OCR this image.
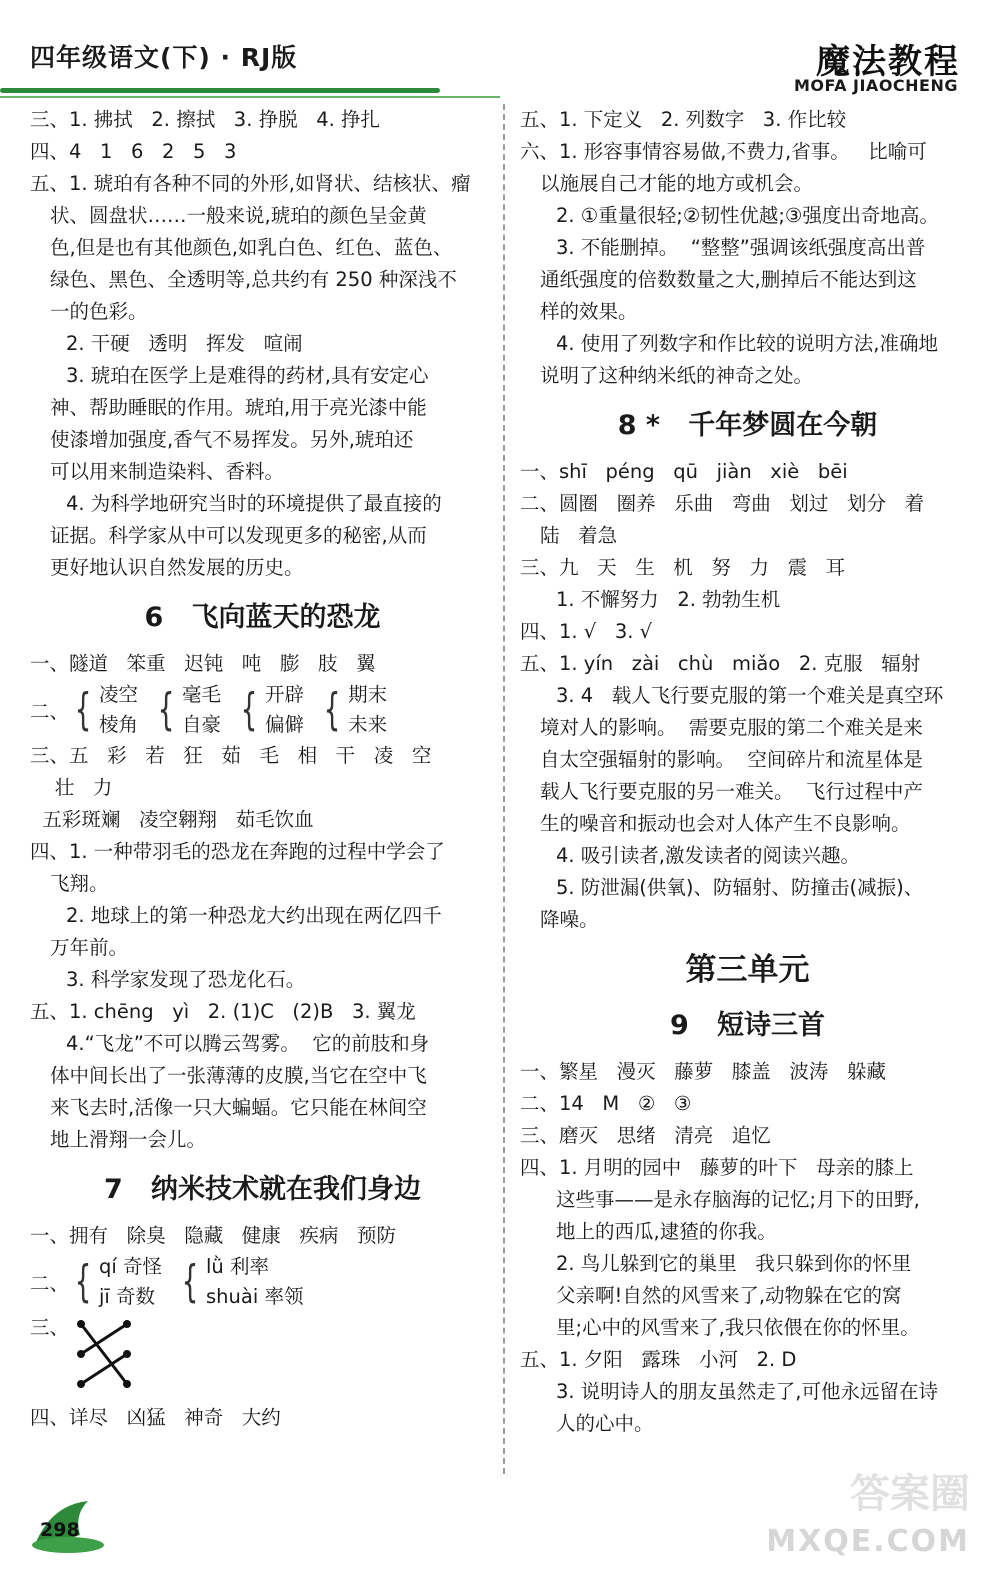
四年级语文(下) · RJ版	魔法教程
MOFA JIAOCHENG
三、1. 拂拭   2. 擦拭   3. 挣脱   4. 挣扎
四、4   1   6   2   5   3
五、1. 琥珀有各种不同的外形,如肾状、结核状、瘤
状、圆盘状……一般来说,琥珀的颜色呈金黄
色,但是也有其他颜色,如乳白色、红色、蓝色、
绿色、黑色、全透明等,总共约有 250 种深浅不
一的色彩。
2. 干硬   透明   挥发   喧闹
3. 琥珀在医学上是难得的药材,具有安定心
神、帮助睡眠的作用。琥珀,用于亮光漆中能
使漆增加强度,香气不易挥发。另外,琥珀还
可以用来制造染料、香料。
4. 为科学地研究当时的环境提供了最直接的
证据。科学家从中可以发现更多的秘密,从而
更好地认识自然发展的历史。
6   飞向蓝天的恐龙
一、隧道   笨重   迟钝   吨   膨   肢   翼
二、 { 凌空
棱角 { 毫毛
自豪 { 开辟
偏僻 { 期末
未来
三、五   彩   若   狂   茹   毛   相   干   凌   空
壮   力
五彩斑斓   凌空翱翔   茹毛饮血
四、1. 一种带羽毛的恐龙在奔跑的过程中学会了
飞翔。
2. 地球上的第一种恐龙大约出现在两亿四千
万年前。
3. 科学家发现了恐龙化石。
五、1. chēng   yì   2. (1)C   (2)B   3. 翼龙
4.“飞龙”不可以腾云驾雾。  它的前肢和身
体中间长出了一张薄薄的皮膜,当它在空中飞
来飞去时,活像一只大蝙蝠。它只能在林间空
地上滑翔一会儿。
7   纳米技术就在我们身边
一、拥有   除臭   隐藏   健康   疾病   预防
二、 { qí 奇怪
jī 奇数 { lǜ 利率
shuài 率领
三、
四、详尽   凶猛   神奇   大约
五、1. 下定义   2. 列数字   3. 作比较
六、1. 形容事情容易做,不费力,省事。   比喻可
以施展自己才能的地方或机会。
2. ①重量很轻;②韧性优越;③强度出奇地高。
3. 不能删掉。  “整整”强调该纸强度高出普
通纸强度的倍数数量之大,删掉后不能达到这
样的效果。
4. 使用了列数字和作比较的说明方法,准确地
说明了这种纳米纸的神奇之处。
8 *   千年梦圆在今朝
一、shī   péng   qū   jiàn   xiè   bēi
二、圆圈   圈养   乐曲   弯曲   划过   划分   着
陆   着急
三、九   天   生   机   努   力   震   耳
1. 不懈努力   2. 勃勃生机
四、1. √   3. √
五、1. yín   zài   chù   miǎo   2. 克服   辐射
3. 4   载人飞行要克服的第一个难关是真空环
境对人的影响。  需要克服的第二个难关是来
自太空强辐射的影响。  空间碎片和流星体是
载人飞行要克服的另一难关。  飞行过程中产
生的噪音和振动也会对人体产生不良影响。
4. 吸引读者,激发读者的阅读兴趣。
5. 防泄漏(供氧)、防辐射、防撞击(减振)、
降噪。
第三单元
9   短诗三首
一、繁星   漫灭   藤萝   膝盖   波涛   躲藏
二、14   M   ②   ③
三、磨灭   思绪   清亮   追忆
四、1. 月明的园中   藤萝的叶下   母亲的膝上
这些事——是永存脑海的记忆;月下的田野,
地上的西瓜,逮猹的你我。
2. 鸟儿躲到它的巢里   我只躲到你的怀里
父亲啊!自然的风雪来了,动物躲在它的窝
里;心中的风雪来了,我只依偎在你的怀里。
五、1. 夕阳   露珠   小河   2. D
3. 说明诗人的朋友虽然走了,可他永远留在诗
人的心中。
298
答案圈
MXQE.COM
